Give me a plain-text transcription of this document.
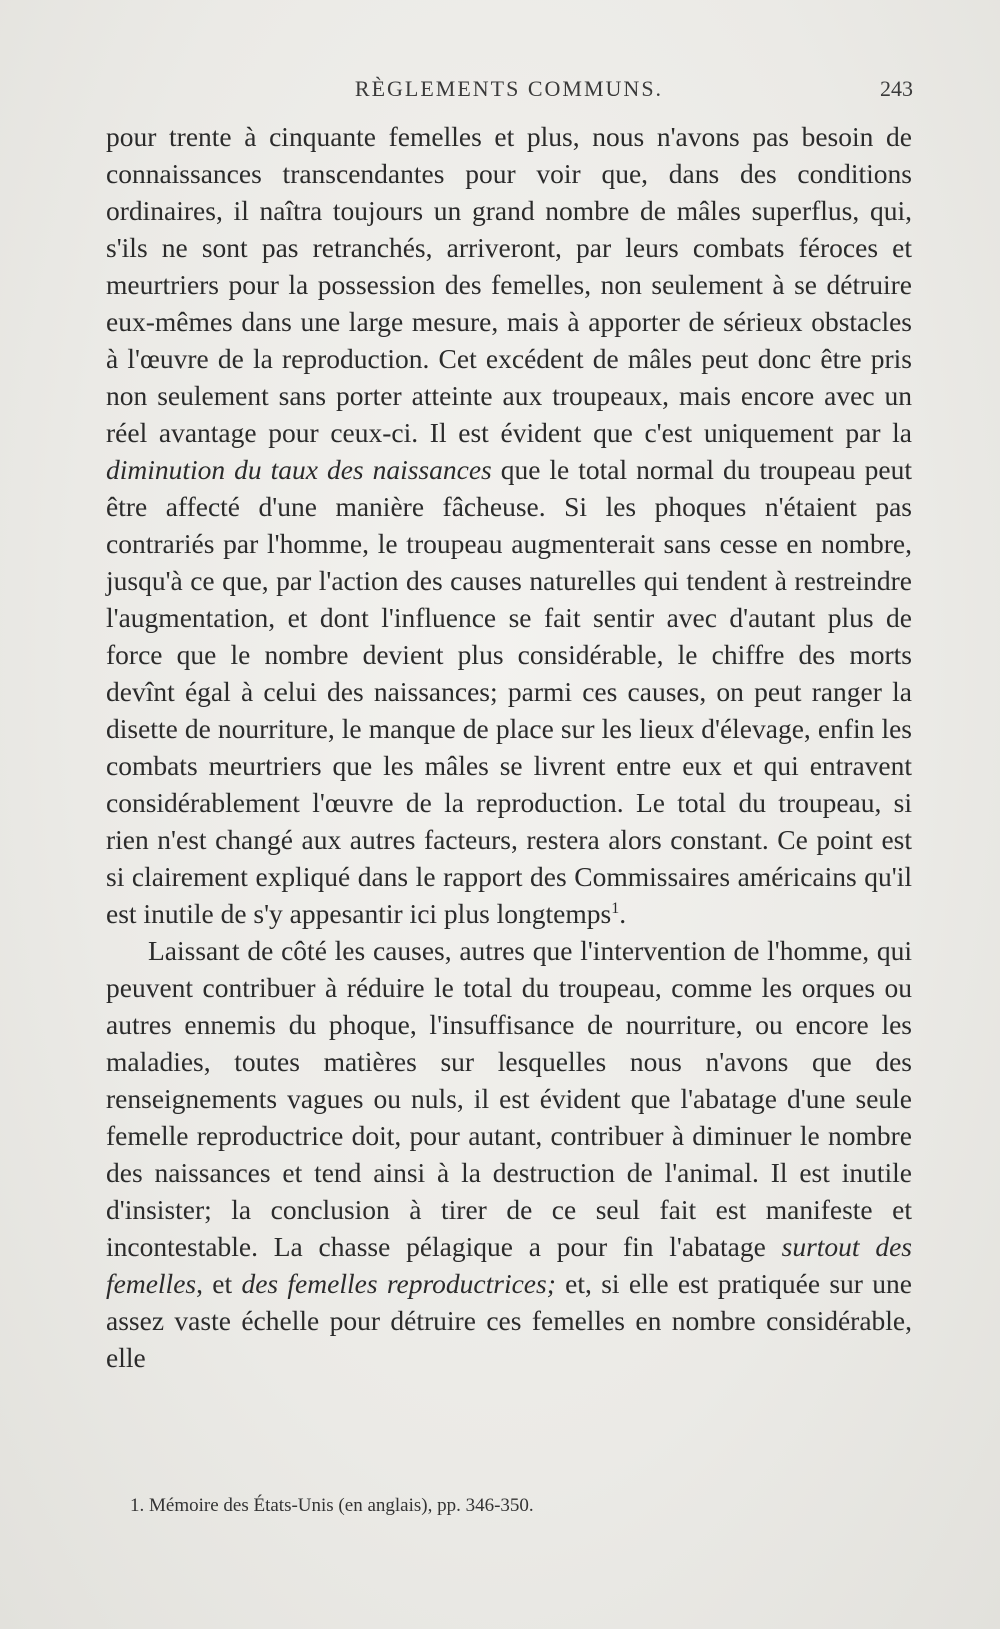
RÈGLEMENTS COMMUNS.	243

pour trente à cinquante femelles et plus, nous n'avons pas besoin de connaissances transcendantes pour voir que, dans des conditions ordinaires, il naîtra toujours un grand nombre de mâles superflus, qui, s'ils ne sont pas retranchés, arriveront, par leurs combats féroces et meurtriers pour la possession des femelles, non seulement à se détruire eux-mêmes dans une large mesure, mais à apporter de sérieux obstacles à l'œuvre de la reproduction. Cet excédent de mâles peut donc être pris non seulement sans porter atteinte aux troupeaux, mais encore avec un réel avantage pour ceux-ci. Il est évident que c'est uniquement par la diminution du taux des naissances que le total normal du troupeau peut être affecté d'une manière fâcheuse. Si les phoques n'étaient pas contrariés par l'homme, le troupeau augmenterait sans cesse en nombre, jusqu'à ce que, par l'action des causes naturelles qui tendent à restreindre l'augmentation, et dont l'influence se fait sentir avec d'autant plus de force que le nombre devient plus considérable, le chiffre des morts devînt égal à celui des naissances; parmi ces causes, on peut ranger la disette de nourriture, le manque de place sur les lieux d'élevage, enfin les combats meurtriers que les mâles se livrent entre eux et qui entravent considérablement l'œuvre de la reproduction. Le total du troupeau, si rien n'est changé aux autres facteurs, restera alors constant. Ce point est si clairement expliqué dans le rapport des Commissaires américains qu'il est inutile de s'y appesantir ici plus longtemps$^1$.

Laissant de côté les causes, autres que l'intervention de l'homme, qui peuvent contribuer à réduire le total du troupeau, comme les orques ou autres ennemis du phoque, l'insuffisance de nourriture, ou encore les maladies, toutes matières sur lesquelles nous n'avons que des renseignements vagues ou nuls, il est évident que l'abatage d'une seule femelle reproductrice doit, pour autant, contribuer à diminuer le nombre des naissances et tend ainsi à la destruction de l'animal. Il est inutile d'insister; la conclusion à tirer de ce seul fait est manifeste et incontestable. La chasse pélagique a pour fin l'abatage surtout des femelles, et des femelles reproductrices; et, si elle est pratiquée sur une assez vaste échelle pour détruire ces femelles en nombre considérable, elle

1. Mémoire des États-Unis (en anglais), pp. 346-350.
